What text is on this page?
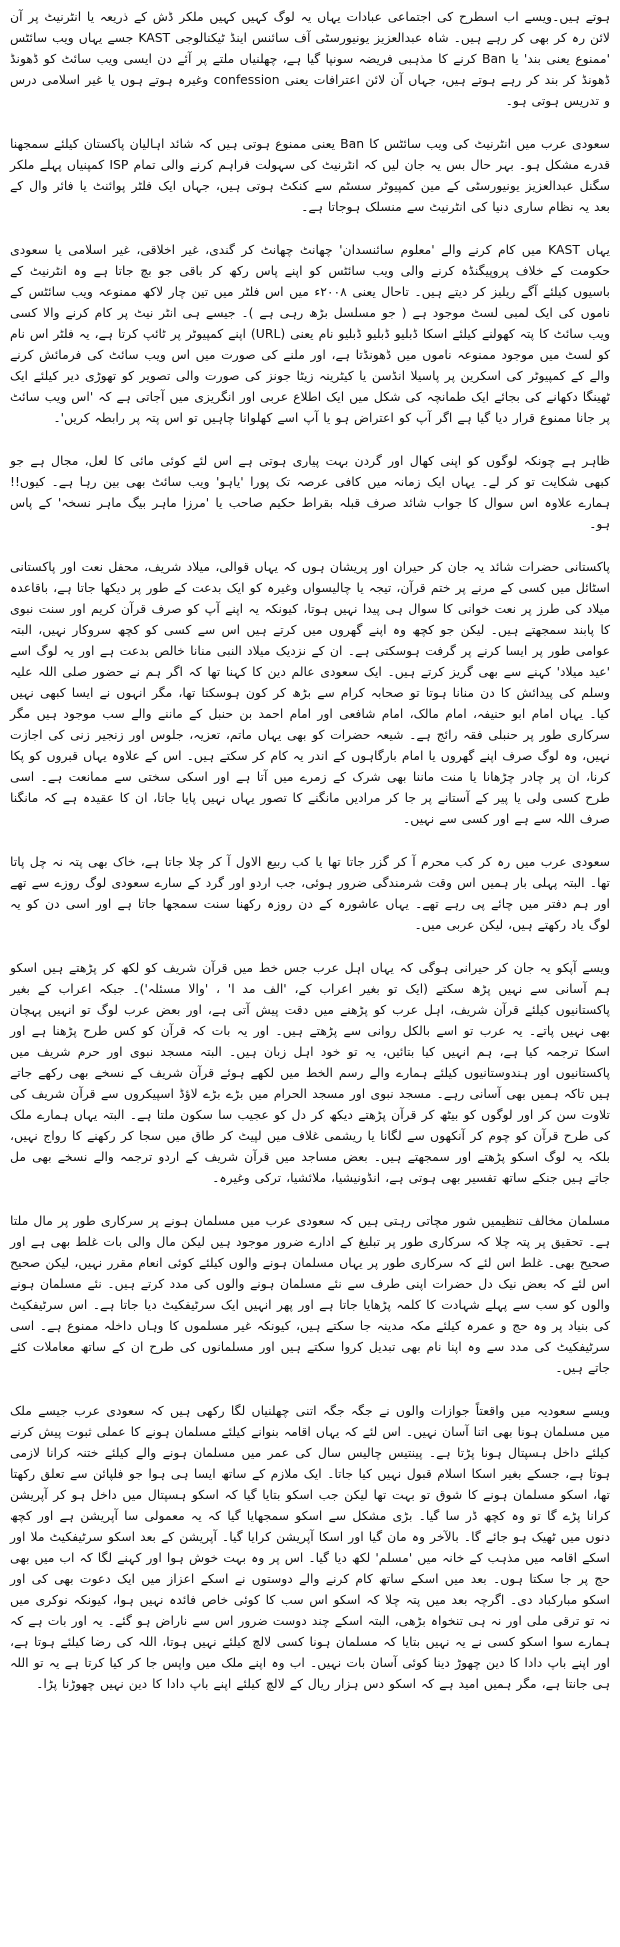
ہوتے ہیں۔ویسے اب اسطرح کی اجتماعی عبادات یہاں یہ لوگ کہیں کہیں ملکر ڈش کے ذریعہ یا انٹرنیٹ پر آن لائن رہ کر بھی کر رہے ہیں۔ شاہ عبدالعزیز یونیورسٹی آف سائنس اینڈ ٹیکنالوجی KAST جسے یہاں ویب سائٹس 'ممنوع یعنی بند' یا Ban کرنے کا مذہبی فریضہ سونپا گیا ہے، چھلنیاں ملتے پر آئے دن ایسی ویب سائٹ کو ڈھونڈ ڈھونڈ کر بند کر رہے ہوتے ہیں، جہاں آن لائن اعترافات یعنی confession وغیرہ ہوتے ہوں یا غیر اسلامی درس و تدریس ہوتی ہو۔

سعودی عرب میں انٹرنیٹ کی ویب سائٹس کا Ban یعنی ممنوع ہوتی ہیں کہ شائد اہالیان پاکستان کیلئے سمجھنا قدرے مشکل ہو۔ بہر حال بس یہ جان لیں کہ انٹرنیٹ کی سہولت فراہم کرنے والی تمام ISP کمپنیاں پہلے ملکر سگنل عبدالعزیز یونیورسٹی کے مین کمپیوٹر سسٹم سے کنکٹ ہوتی ہیں، جہاں ایک فلٹر پوائنٹ یا فائر وال کے بعد یہ نظام ساری دنیا کی انٹرنیٹ سے منسلک ہوجاتا ہے۔

یہاں KAST میں کام کرنے والے 'معلوم سائنسدان' چھانٹ چھانٹ کر گندی، غیر اخلاقی، غیر اسلامی یا سعودی حکومت کے خلاف پروپیگنڈہ کرنے والی ویب سائٹس کو اپنے پاس رکھ کر باقی جو بچ جاتا ہے وہ انٹرنیٹ کے باسیوں کیلئے آگے ریلیز کر دیتے ہیں۔ تاحال یعنی ۲۰۰۸ء میں اس فلٹر میں تین چار لاکھ ممنوعہ ویب سائٹس کے ناموں کی ایک لمبی لسٹ موجود ہے ( جو مسلسل بڑھ رہی ہے )۔ جیسے ہی انٹر نیٹ پر کام کرنے والا کسی ویب سائٹ کا پتہ کھولنے کیلئے اسکا ڈبلیو ڈبلیو ڈبلیو نام یعنی (URL) اپنے کمپیوٹر پر ٹائپ کرتا ہے، یہ فلٹر اس نام کو لسٹ میں موجود ممنوعہ ناموں میں ڈھونڈتا ہے، اور ملنے کی صورت میں اس ویب سائٹ کی فرمائش کرنے والے کے کمپیوٹر کی اسکرین پر پاسیلا انڈسن یا کیٹرینہ زیٹا جونز کی صورت والی تصویر کو تھوڑی دیر کیلئے ایک ٹھینگا دکھانے کی بجائے ایک طمانچہ کی شکل میں ایک اطلاع عربی اور انگریزی میں آجاتی ہے کہ 'اس ویب سائٹ پر جانا ممنوع قرار دیا گیا ہے اگر آپ کو اعتراض ہو یا آپ اسے کھلوانا چاہیں تو اس پتہ پر رابطہ کریں'۔

ظاہر ہے چونکہ لوگوں کو اپنی کھال اور گردن بہت پیاری ہوتی ہے اس لئے کوئی مائی کا لعل، مجال ہے جو کبھی شکایت تو کر لے۔ یہاں ایک زمانہ میں کافی عرصہ تک پورا 'یاہو' ویب سائٹ بھی بین رہا ہے۔ کیوں!! ہمارے علاوہ اس سوال کا جواب شائد صرف قبلہ بقراط حکیم صاحب یا 'مرزا ماہر بیگ ماہر نسخہ' کے پاس ہو۔

پاکستانی حضرات شائد یہ جان کر حیران اور پریشان ہوں کہ یہاں قوالی، میلاد شریف، محفل نعت اور پاکستانی اسٹائل میں کسی کے مرنے پر ختم قرآن، تیجہ یا چالیسواں وغیرہ کو ایک بدعت کے طور پر دیکھا جاتا ہے، باقاعدہ میلاد کی طرز پر نعت خوانی کا سوال ہی پیدا نہیں ہوتا، کیونکہ یہ اپنے آپ کو صرف قرآن کریم اور سنت نبوی کا پابند سمجھتے ہیں۔ لیکن جو کچھ وہ اپنے گھروں میں کرتے ہیں اس سے کسی کو کچھ سروکار نہیں، البتہ عوامی طور پر ایسا کرنے پر گرفت ہوسکتی ہے۔ ان کے نزدیک میلاد النبی منانا خالص بدعت ہے اور یہ لوگ اسے 'عید میلاد' کہنے سے بھی گریز کرتے ہیں۔ ایک سعودی عالم دین کا کہنا تھا کہ اگر ہم نے حضور صلی اللہ علیہ وسلم کی پیدائش کا دن منانا ہوتا تو صحابہ کرام سے بڑھ کر کون ہوسکتا تھا، مگر انہوں نے ایسا کبھی نہیں کیا۔ یہاں امام ابو حنیفہ، امام مالک، امام شافعی اور امام احمد بن حنبل کے ماننے والے سب موجود ہیں مگر سرکاری طور پر حنبلی فقہ رائج ہے۔ شیعہ حضرات کو بھی یہاں ماتم، تعزیہ، جلوس اور زنجیر زنی کی اجازت نہیں، وہ لوگ صرف اپنے گھروں یا امام بارگاہوں کے اندر یہ کام کر سکتے ہیں۔ اس کے علاوہ یہاں قبروں کو پکا کرنا، ان پر چادر چڑھانا یا منت ماننا بھی شرک کے زمرے میں آتا ہے اور اسکی سختی سے ممانعت ہے۔ اسی طرح کسی ولی یا پیر کے آستانے پر جا کر مرادیں مانگنے کا تصور یہاں نہیں پایا جاتا، ان کا عقیدہ ہے کہ مانگنا صرف اللہ سے ہے اور کسی سے نہیں۔

سعودی عرب میں رہ کر کب محرم آ کر گزر جاتا تھا یا کب ربیع الاول آ کر چلا جاتا ہے، خاک بھی پتہ نہ چل پاتا تھا۔ البتہ پہلی بار ہمیں اس وقت شرمندگی ضرور ہوئی، جب اردو اور گرد کے سارے سعودی لوگ روزے سے تھے اور ہم دفتر میں چائے پی رہے تھے۔ یہاں عاشورہ کے دن روزہ رکھنا سنت سمجھا جاتا ہے اور اسی دن کو یہ لوگ یاد رکھتے ہیں، لیکن عربی میں۔

ویسے آپکو یہ جان کر حیرانی ہوگی کہ یہاں اہل عرب جس خط میں قرآن شریف کو لکھ کر پڑھتے ہیں اسکو ہم آسانی سے نہیں پڑھ سکتے (ایک تو بغیر اعراب کے، 'الف مد ا' ، 'والا مسئلہ')۔ جبکہ اعراب کے بغیر پاکستانیوں کیلئے قرآن شریف، اہل عرب کو پڑھنے میں دقت پیش آتی ہے، اور بعض عرب لوگ تو انہیں پہچان بھی نہیں پاتے۔ یہ عرب تو اسے بالکل روانی سے پڑھتے ہیں۔ اور یہ بات کہ قرآن کو کس طرح پڑھنا ہے اور اسکا ترجمہ کیا ہے، ہم انہیں کیا بتائیں، یہ تو خود اہل زبان ہیں۔ البتہ مسجد نبوی اور حرم شریف میں پاکستانیوں اور ہندوستانیوں کیلئے ہمارے والے رسم الخط میں لکھے ہوئے قرآن شریف کے نسخے بھی رکھے جاتے ہیں تاکہ ہمیں بھی آسانی رہے۔ مسجد نبوی اور مسجد الحرام میں بڑے بڑے لاؤڈ اسپیکروں سے قرآن شریف کی تلاوت سن کر اور لوگوں کو بیٹھ کر قرآن پڑھتے دیکھ کر دل کو عجیب سا سکون ملتا ہے۔ البتہ یہاں ہمارے ملک کی طرح قرآن کو چوم کر آنکھوں سے لگانا یا ریشمی غلاف میں لپیٹ کر طاق میں سجا کر رکھنے کا رواج نہیں، بلکہ یہ لوگ اسکو پڑھتے اور سمجھتے ہیں۔ بعض مساجد میں قرآن شریف کے اردو ترجمہ والے نسخے بھی مل جاتے ہیں جنکے ساتھ تفسیر بھی ہوتی ہے، انڈونیشیا، ملائشیا، ترکی وغیرہ۔

مسلمان مخالف تنظیمیں شور مچاتی رہتی ہیں کہ سعودی عرب میں مسلمان ہونے پر سرکاری طور پر مال ملتا ہے۔ تحقیق پر پتہ چلا کہ سرکاری طور پر تبلیغ کے ادارے ضرور موجود ہیں لیکن مال والی بات غلط بھی ہے اور صحیح بھی۔ غلط اس لئے کہ سرکاری طور پر یہاں مسلمان ہونے والوں کیلئے کوئی انعام مقرر نہیں، لیکن صحیح اس لئے کہ بعض نیک دل حضرات اپنی طرف سے نئے مسلمان ہونے والوں کی مدد کرتے ہیں۔ نئے مسلمان ہونے والوں کو سب سے پہلے شہادت کا کلمہ پڑھایا جاتا ہے اور پھر انہیں ایک سرٹیفکیٹ دیا جاتا ہے۔ اس سرٹیفکیٹ کی بنیاد پر وہ حج و عمرہ کیلئے مکہ مدینہ جا سکتے ہیں، کیونکہ غیر مسلموں کا وہاں داخلہ ممنوع ہے۔ اسی سرٹیفکیٹ کی مدد سے وہ اپنا نام بھی تبدیل کروا سکتے ہیں اور مسلمانوں کی طرح ان کے ساتھ معاملات کئے جاتے ہیں۔

ویسے سعودیہ میں واقعتاً جوازات والوں نے جگہ جگہ اتنی چھلنیاں لگا رکھی ہیں کہ سعودی عرب جیسے ملک میں مسلمان ہونا بھی اتنا آسان نہیں۔ اس لئے کہ یہاں اقامہ بنوانے کیلئے مسلمان ہونے کا عملی ثبوت پیش کرنے کیلئے داخل ہسپتال ہونا پڑتا ہے۔ پینتیس چالیس سال کی عمر میں مسلمان ہونے والے کیلئے ختنہ کرانا لازمی ہوتا ہے، جسکے بغیر اسکا اسلام قبول نہیں کیا جاتا۔ ایک ملازم کے ساتھ ایسا ہی ہوا جو فلپائن سے تعلق رکھتا تھا، اسکو مسلمان ہونے کا شوق تو بہت تھا لیکن جب اسکو بتایا گیا کہ اسکو ہسپتال میں داخل ہو کر آپریشن کرانا پڑے گا تو وہ کچھ ڈر سا گیا۔ بڑی مشکل سے اسکو سمجھایا گیا کہ یہ معمولی سا آپریشن ہے اور کچھ دنوں میں ٹھیک ہو جائے گا۔ بالآخر وہ مان گیا اور اسکا آپریشن کرایا گیا۔ آپریشن کے بعد اسکو سرٹیفکیٹ ملا اور اسکے اقامہ میں مذہب کے خانہ میں 'مسلم' لکھ دیا گیا۔ اس پر وہ بہت خوش ہوا اور کہنے لگا کہ اب میں بھی حج پر جا سکتا ہوں۔ بعد میں اسکے ساتھ کام کرنے والے دوستوں نے اسکے اعزاز میں ایک دعوت بھی کی اور اسکو مبارکباد دی۔ اگرچہ بعد میں پتہ چلا کہ اسکو اس سب کا کوئی خاص فائدہ نہیں ہوا، کیونکہ نوکری میں نہ تو ترقی ملی اور نہ ہی تنخواہ بڑھی، البتہ اسکے چند دوست ضرور اس سے ناراض ہو گئے۔ یہ اور بات ہے کہ ہمارے سوا اسکو کسی نے یہ نہیں بتایا کہ مسلمان ہونا کسی لالچ کیلئے نہیں ہوتا، اللہ کی رضا کیلئے ہوتا ہے، اور اپنے باپ دادا کا دین چھوڑ دینا کوئی آسان بات نہیں۔ اب وہ اپنے ملک میں واپس جا کر کیا کرتا ہے یہ تو اللہ ہی جانتا ہے، مگر ہمیں امید ہے کہ اسکو دس ہزار ریال کے لالچ کیلئے اپنے باپ دادا کا دین نہیں چھوڑنا پڑا۔
